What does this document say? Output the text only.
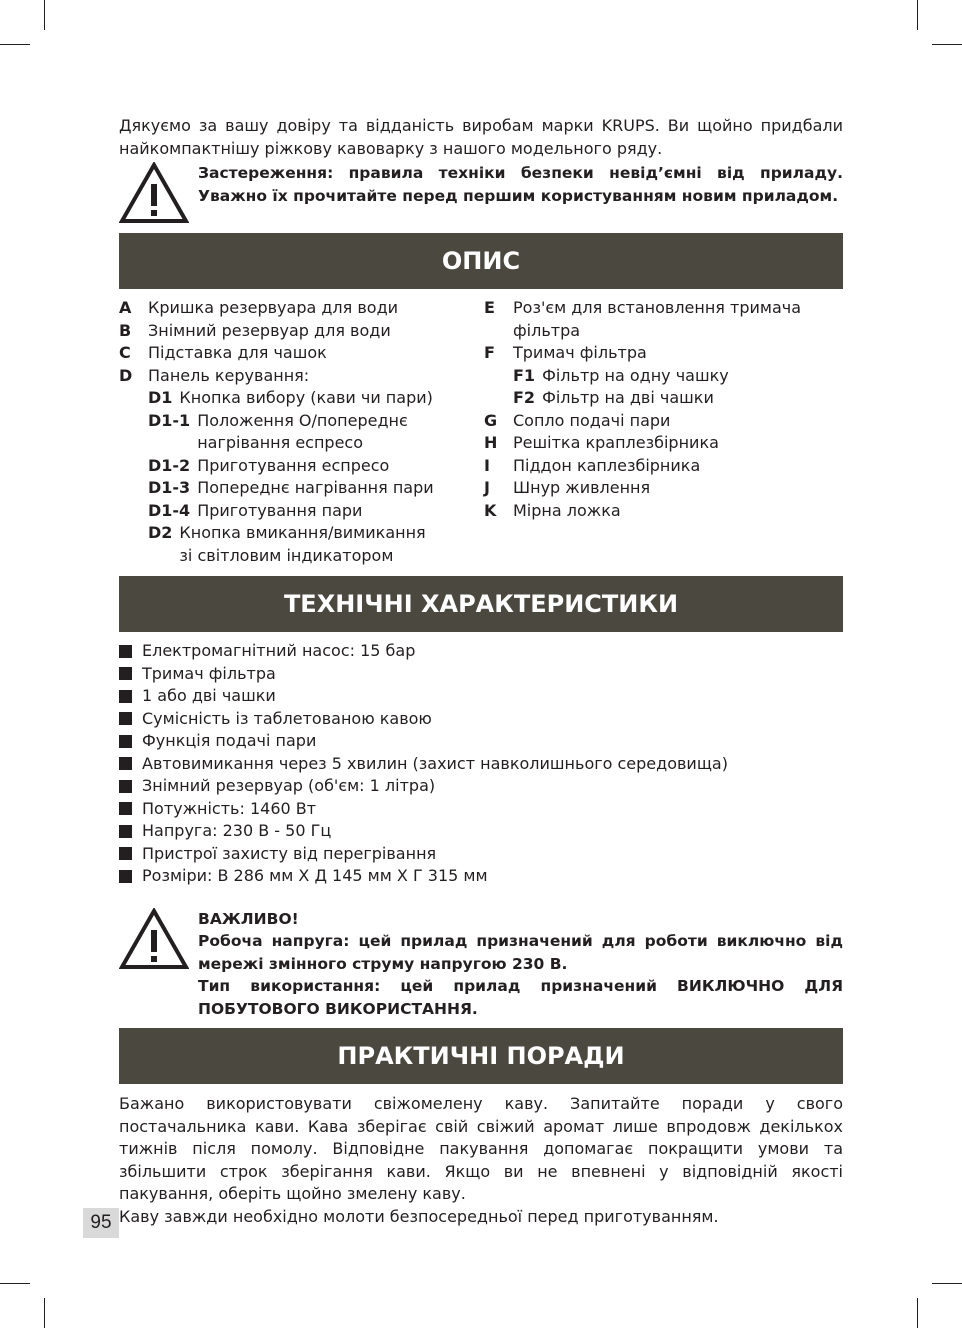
Дякуємо за вашу довіру та відданість виробам марки KRUPS. Ви щойно придбали найкомпактнішу ріжкову кавоварку з нашого модельного ряду.

Застереження: правила техніки безпеки невід’ємні від приладу. Уважно їх прочитайте перед першим користуванням новим приладом.
ОПИС
A	Кришка резервуара для води
B	Знімний резервуар для води
C	Підставка для чашок
D Панель керування:
D1 Кнопка вибору (кави чи пари)
D1-1 Положення О/попереднє нагрівання еспресо
D1-2 Приготування еспресо
D1-3 Попереднє нагрівання пари
D1-4 Приготування пари
D2 Кнопка вмикання/вимикання зі світловим індикатором
E	Роз'єм для встановлення тримача фільтра
F	Тримач фільтра
F1 Фільтр на одну чашку
F2 Фільтр на дві чашки
G Сопло подачі пари
H Решітка краплезбірника
I	Піддон каплезбірника
J	Шнур живлення
K	Мірна ложка
ТЕХНІЧНІ ХАРАКТЕРИСТИКИ
Електромагнітний насос: 15 бар
Тримач фільтра
1 або дві чашки
Сумісність із таблетованою кавою
Функція подачі пари
Автовимикання через 5 хвилин (захист навколишнього середовища)
Знімний резервуар (об'єм: 1 літра)
Потужність: 1460 Вт
Напруга: 230 В - 50 Гц
Пристрої захисту від перегрівання
Розміри: В 286 мм Х Д 145 мм Х Г 315 мм
ВАЖЛИВО!
Робоча напруга: цей прилад призначений для роботи виключно від мережі змінного струму напругою 230 В.
Тип використання: цей прилад призначений ВИКЛЮЧНО ДЛЯ ПОБУТОВОГО ВИКОРИСТАННЯ.
ПРАКТИЧНІ ПОРАДИ

Бажано використовувати свіжомелену каву. Запитайте поради у свого постачальника кави. Кава зберігає свій свіжий аромат лише впродовж декількох тижнів після помолу. Відповідне пакування допомагає покращити умови та збільшити строк зберігання кави. Якщо ви не впевнені у відповідній якості пакування, оберіть щойно змелену каву.

Каву завжди необхідно молоти безпосередньої перед приготуванням.

95
